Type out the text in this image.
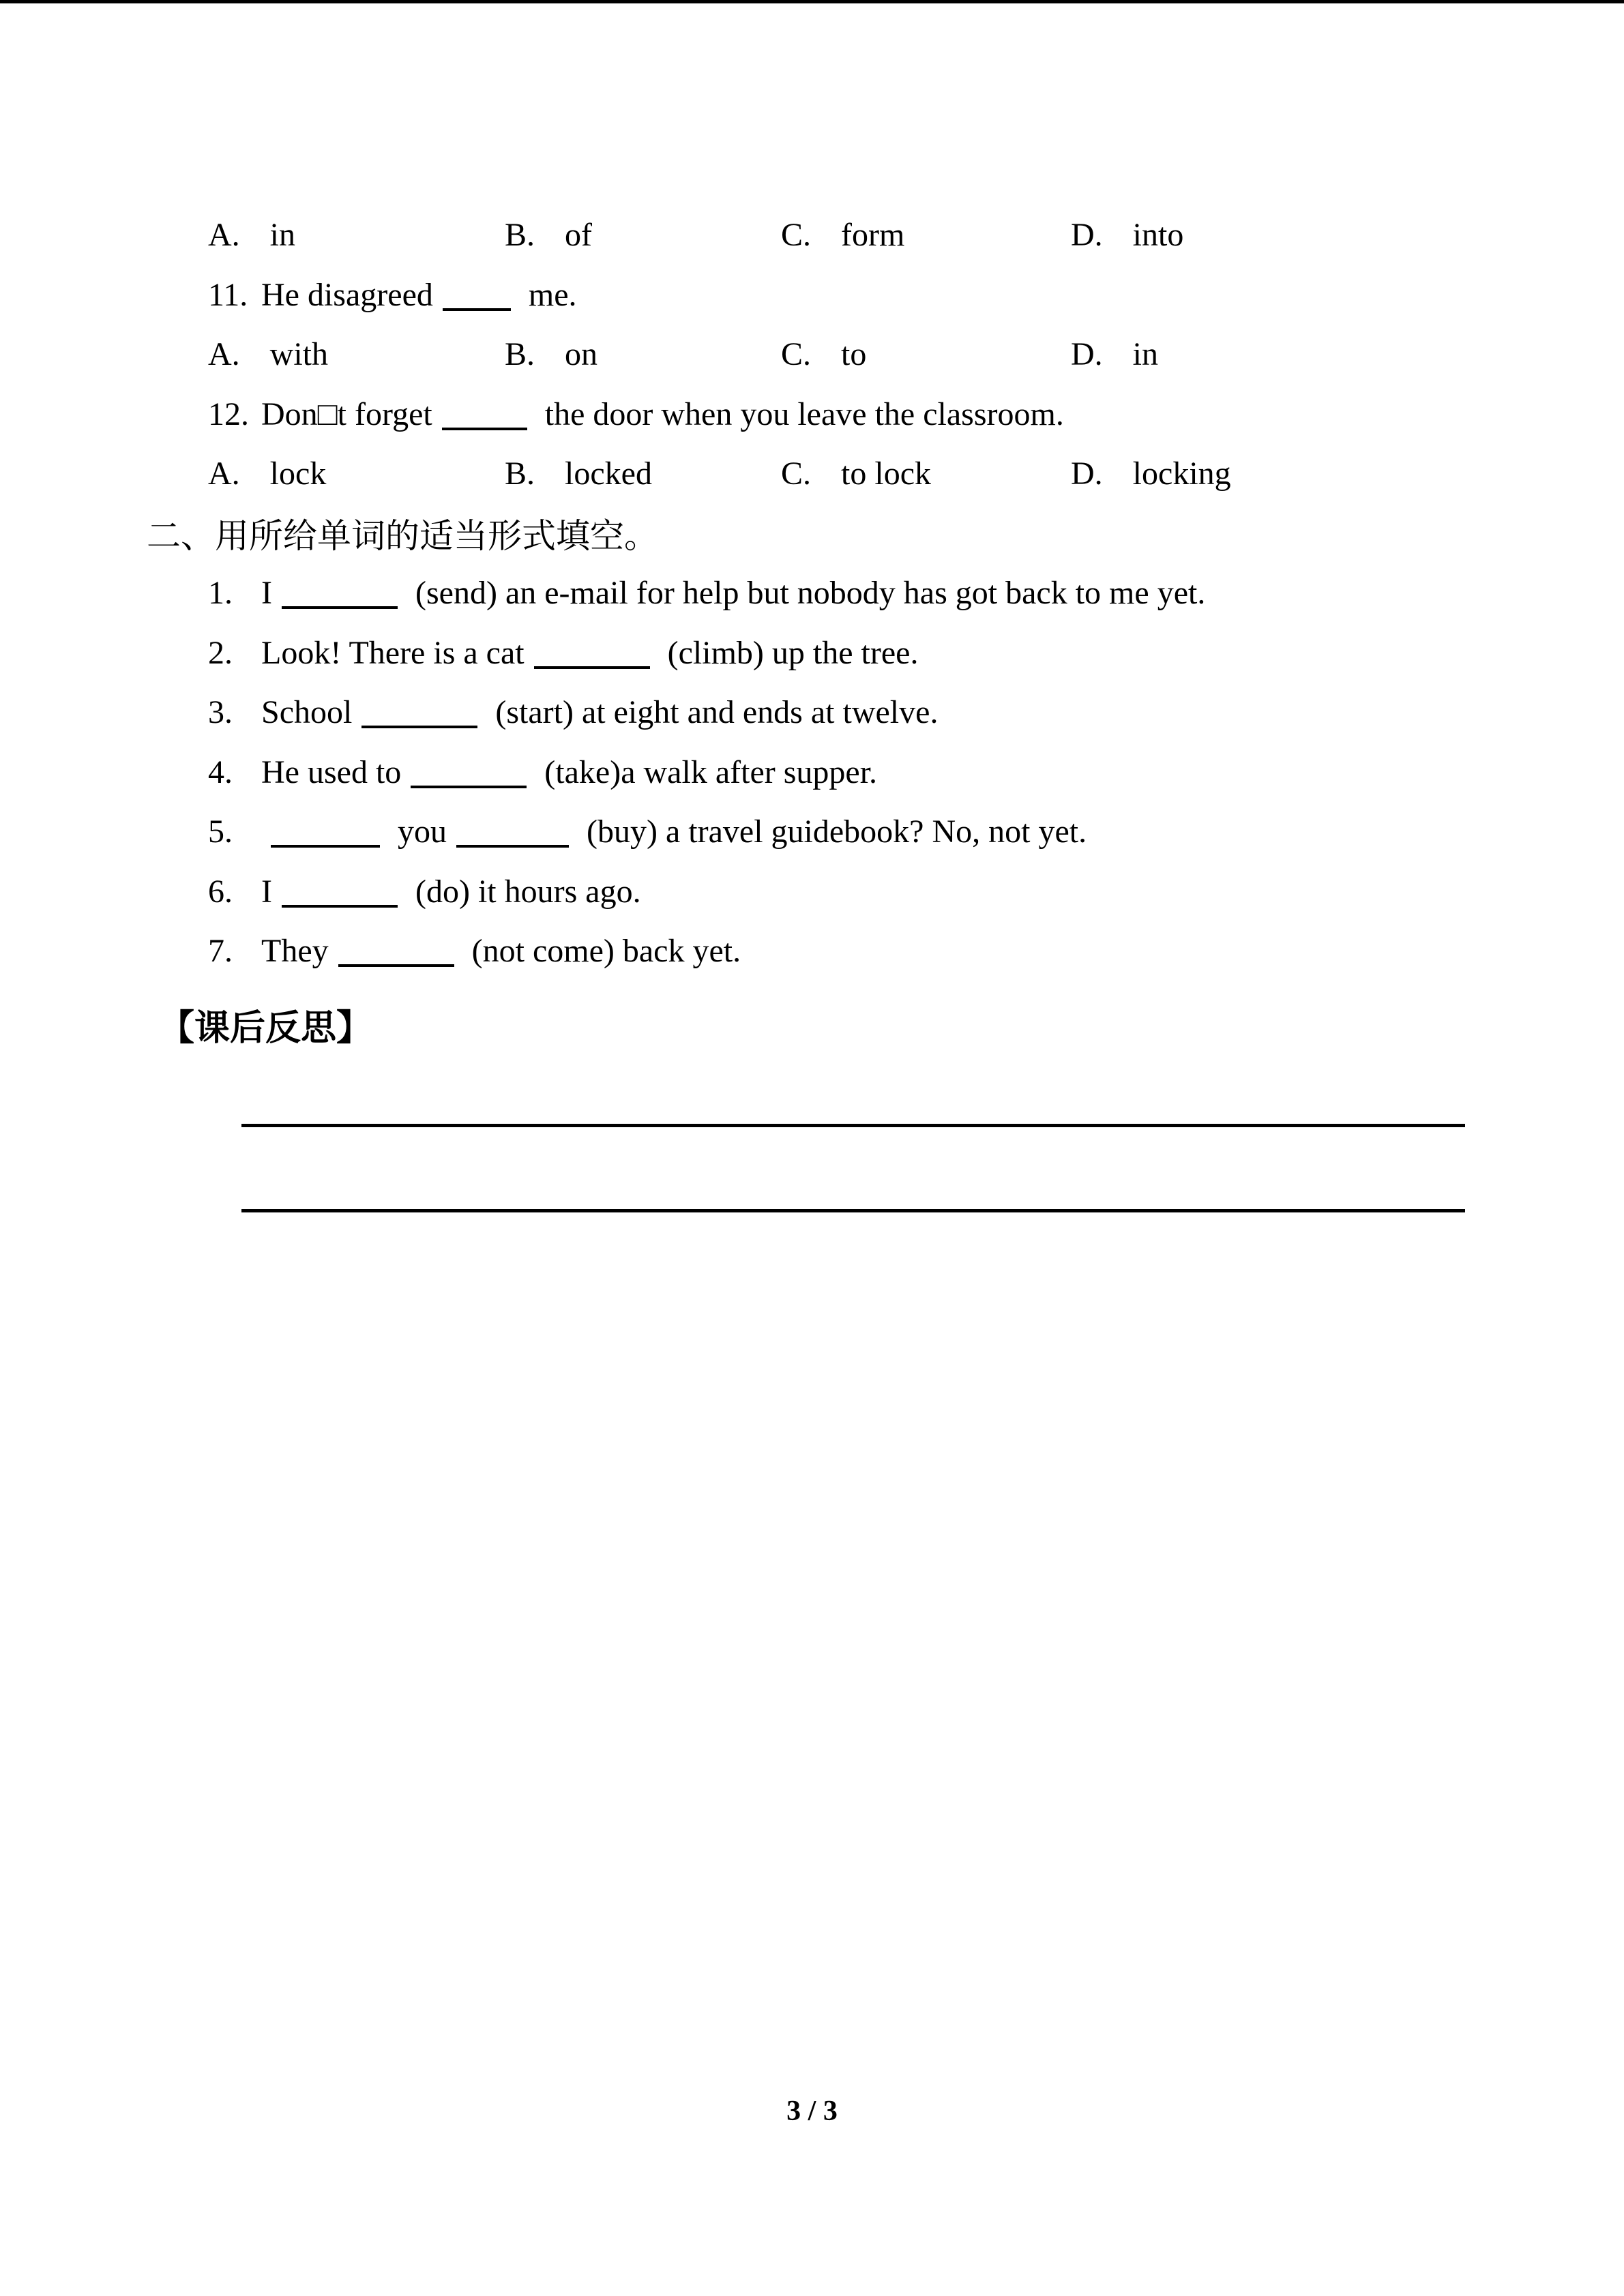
A. in	B. of	C. form	D. into
11. He disagreed	me.
A. with	B. on	C. to	D. in
12. Don□t forget	the door when you leave the classroom.
A. lock	B. locked	C. to lock	D. locking
二、用所给单词的适当形式填空。
1. I	(send) an e-mail for help but nobody has got back to me yet.
2. Look! There is a cat	(climb) up the tree.
3. School	(start) at eight and ends at twelve.
4. He used to	(take)a walk after supper.
5.	you	(buy) a travel guidebook? No, not yet.
6. I	(do) it hours ago.
7. They	(not come) back yet.
【课后反思】
3 / 3
